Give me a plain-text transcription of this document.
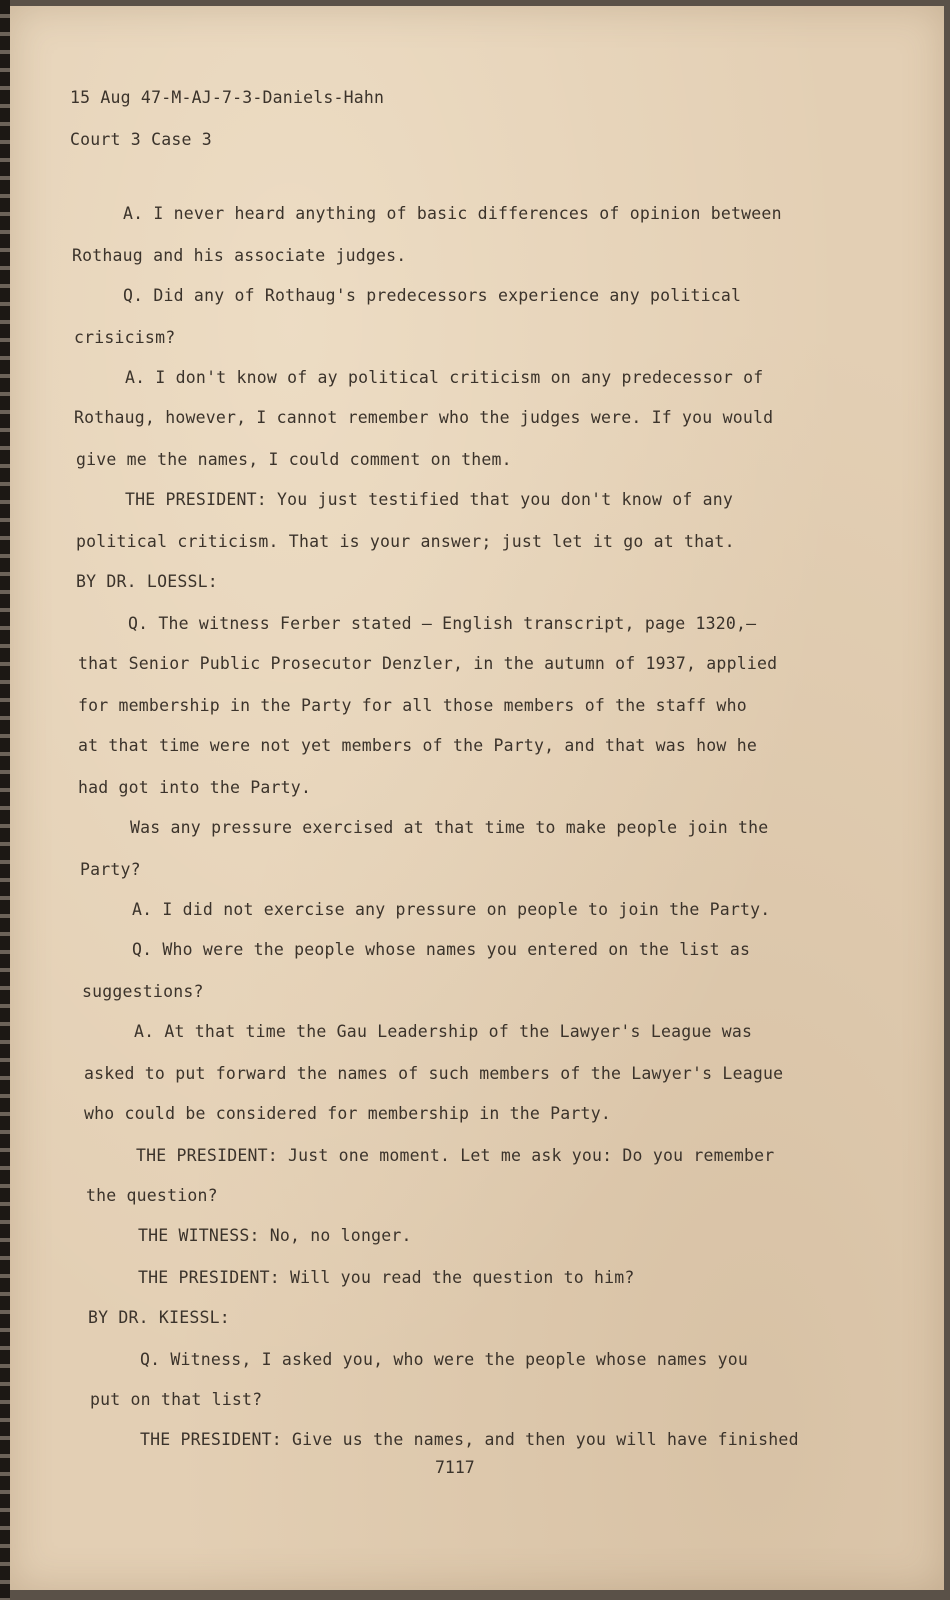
15 Aug 47-M-AJ-7-3-Daniels-Hahn
Court 3 Case 3
A. I never heard anything of basic differences of opinion between
Rothaug and his associate judges.
Q. Did any of Rothaug's predecessors experience any political
crisicism?
A. I don't know of ay political criticism on any predecessor of
Rothaug, however, I cannot remember who the judges were. If you would
give me the names, I could comment on them.
THE PRESIDENT: You just testified that you don't know of any
political criticism. That is your answer; just let it go at that.
BY DR. LOESSL:
Q. The witness Ferber stated — English transcript, page 1320,—
that Senior Public Prosecutor Denzler, in the autumn of 1937, applied
for membership in the Party for all those members of the staff who
at that time were not yet members of the Party, and that was how he
had got into the Party.
Was any pressure exercised at that time to make people join the
Party?
A. I did not exercise any pressure on people to join the Party.
Q. Who were the people whose names you entered on the list as
suggestions?
A. At that time the Gau Leadership of the Lawyer's League was
asked to put forward the names of such members of the Lawyer's League
who could be considered for membership in the Party.
THE PRESIDENT: Just one moment. Let me ask you: Do you remember
the question?
THE WITNESS: No, no longer.
THE PRESIDENT: Will you read the question to him?
BY DR. KIESSL:
Q. Witness, I asked you, who were the people whose names you
put on that list?
THE PRESIDENT: Give us the names, and then you will have finished
7117
